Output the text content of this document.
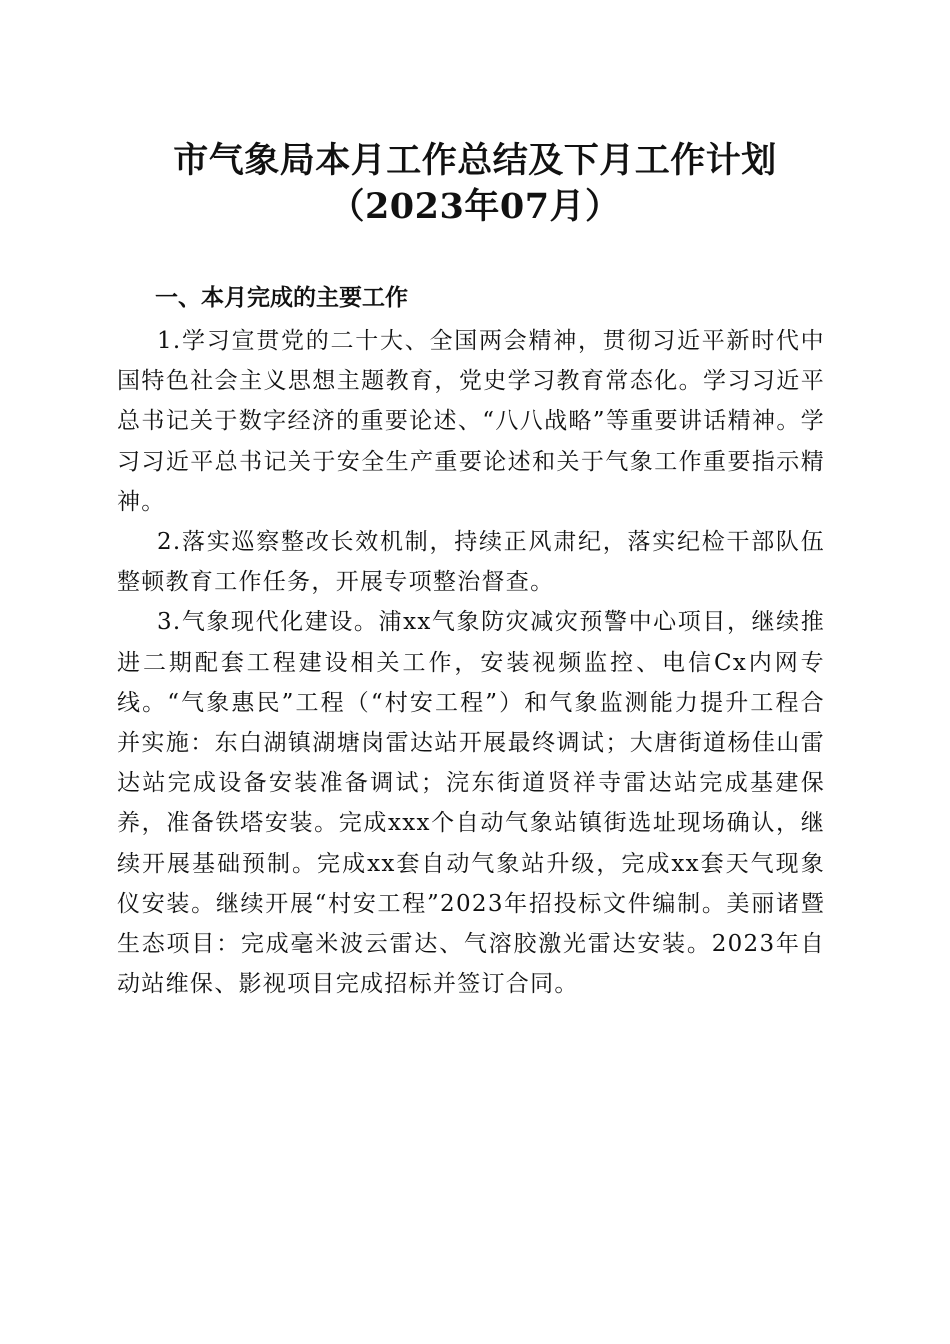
市气象局本月工作总结及下月工作计划（2023年07月）
一、本月完成的主要工作

1.学习宣贯党的二十大、全国两会精神，贯彻习近平新时代中国特色社会主义思想主题教育，党史学习教育常态化。学习习近平总书记关于数字经济的重要论述、“八八战略”等重要讲话精神。学习习近平总书记关于安全生产重要论述和关于气象工作重要指示精神。

2.落实巡察整改长效机制，持续正风肃纪，落实纪检干部队伍整顿教育工作任务，开展专项整治督查。

3.气象现代化建设。浦xx气象防灾减灾预警中心项目，继续推进二期配套工程建设相关工作，安装视频监控、电信Cx内网专线。“气象惠民”工程（“村安工程”）和气象监测能力提升工程合并实施：东白湖镇湖塘岗雷达站开展最终调试；大唐街道杨佳山雷达站完成设备安装准备调试；浣东街道贤祥寺雷达站完成基建保养，准备铁塔安装。完成xxx个自动气象站镇街选址现场确认，继续开展基础预制。完成xx套自动气象站升级，完成xx套天气现象仪安装。继续开展“村安工程”2023年招投标文件编制。美丽诸暨生态项目：完成毫米波云雷达、气溶胶激光雷达安装。2023年自动站维保、影视项目完成招标并签订合同。
